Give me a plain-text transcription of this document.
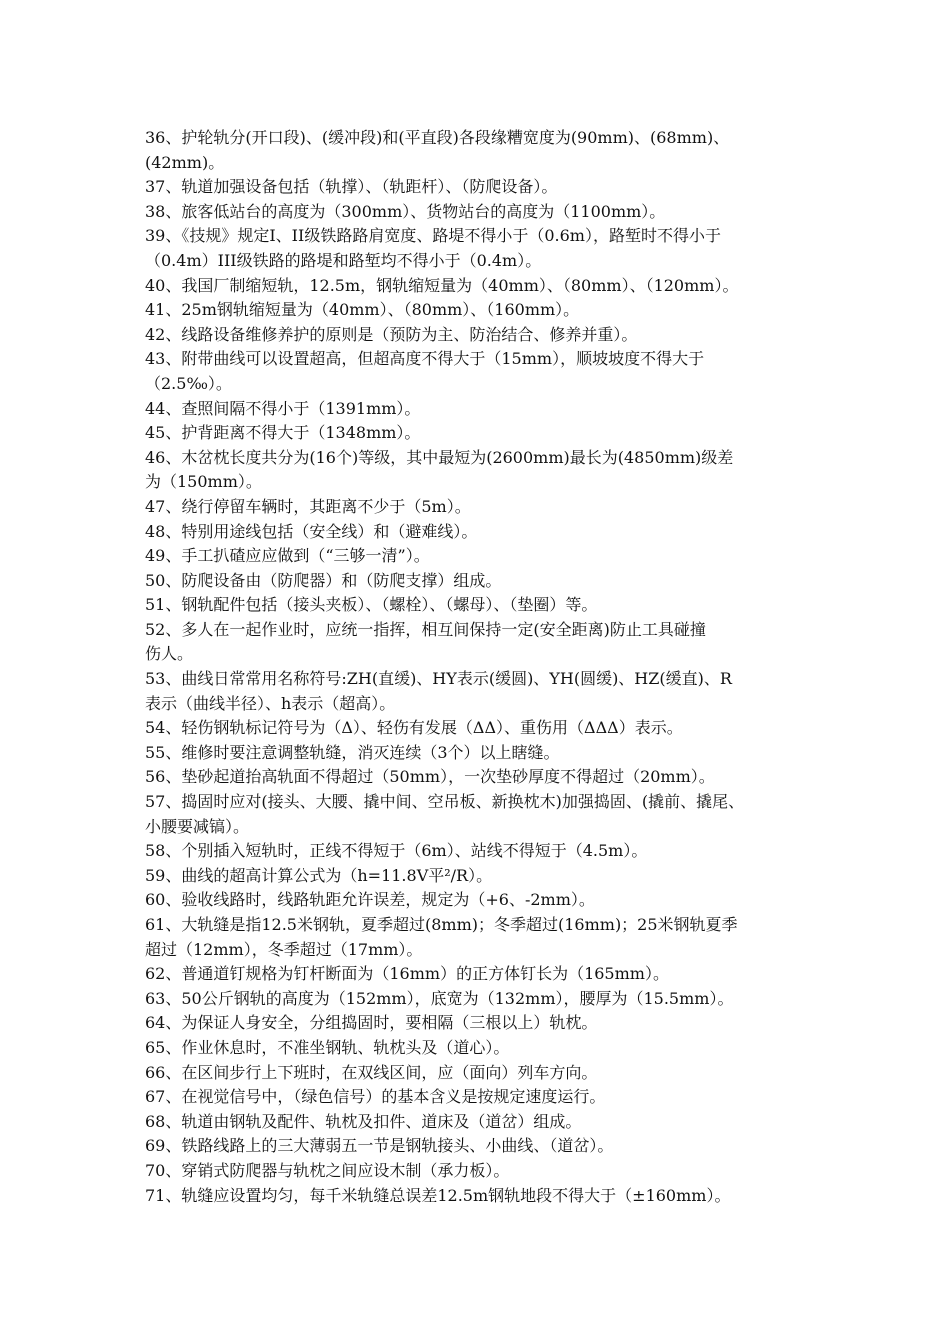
36、护轮轨分(开口段)、(缓冲段)和(平直段)各段缘糟宽度为(90mm)、(68mm)、
(42mm)。
37、轨道加强设备包括（轨撑）、（轨距杆）、（防爬设备）。
38、旅客低站台的高度为（300mm）、货物站台的高度为（1100mm）。
39、《技规》规定I、II级铁路路肩宽度、路堤不得小于（0.6m），路堑时不得小于
（0.4m）III级铁路的路堤和路堑均不得小于（0.4m）。
40、我国厂制缩短轨，12.5m，钢轨缩短量为（40mm）、（80mm）、（120mm）。
41、25m钢轨缩短量为（40mm）、（80mm）、（160mm）。
42、线路设备维修养护的原则是（预防为主、防治结合、修养并重）。
43、附带曲线可以设置超高，但超高度不得大于（15mm），顺坡坡度不得大于
（2.5‰）。
44、查照间隔不得小于（1391mm）。
45、护背距离不得大于（1348mm）。
46、木岔枕长度共分为(16个)等级，其中最短为(2600mm)最长为(4850mm)级差
为（150mm）。
47、绕行停留车辆时，其距离不少于（5m）。
48、特别用途线包括（安全线）和（避难线）。
49、手工扒碴应应做到（“三够一清”）。
50、防爬设备由（防爬器）和（防爬支撑）组成。
51、钢轨配件包括（接头夹板）、（螺栓）、（螺母）、（垫圈）等。
52、多人在一起作业时，应统一指挥，相互间保持一定(安全距离)防止工具碰撞
伤人。
53、曲线日常常用名称符号:ZH(直缓)、HY表示(缓圆)、YH(圆缓)、HZ(缓直)、R
表示（曲线半径）、h表示（超高）。
54、轻伤钢轨标记符号为（Δ）、轻伤有发展（ΔΔ）、重伤用（ΔΔΔ）表示。
55、维修时要注意调整轨缝，消灭连续（3个）以上瞎缝。
56、垫砂起道抬高轨面不得超过（50mm），一次垫砂厚度不得超过（20mm）。
57、捣固时应对(接头、大腰、撬中间、空吊板、新换枕木)加强捣固、(撬前、撬尾、
小腰要减镐）。
58、个别插入短轨时，正线不得短于（6m）、站线不得短于（4.5m）。
59、曲线的超高计算公式为（h=11.8V平²/R）。
60、验收线路时，线路轨距允许误差，规定为（+6、-2mm）。
61、大轨缝是指12.5米钢轨，夏季超过(8mm)；冬季超过(16mm)；25米钢轨夏季
超过（12mm），冬季超过（17mm）。
62、普通道钉规格为钉杆断面为（16mm）的正方体钉长为（165mm）。
63、50公斤钢轨的高度为（152mm），底宽为（132mm），腰厚为（15.5mm）。
64、为保证人身安全，分组捣固时，要相隔（三根以上）轨枕。
65、作业休息时，不准坐钢轨、轨枕头及（道心）。
66、在区间步行上下班时，在双线区间，应（面向）列车方向。
67、在视觉信号中，（绿色信号）的基本含义是按规定速度运行。
68、轨道由钢轨及配件、轨枕及扣件、道床及（道岔）组成。
69、铁路线路上的三大薄弱五一节是钢轨接头、小曲线、（道岔）。
70、穿销式防爬器与轨枕之间应设木制（承力板）。
71、轨缝应设置均匀，每千米轨缝总误差12.5m钢轨地段不得大于（±160mm）。
